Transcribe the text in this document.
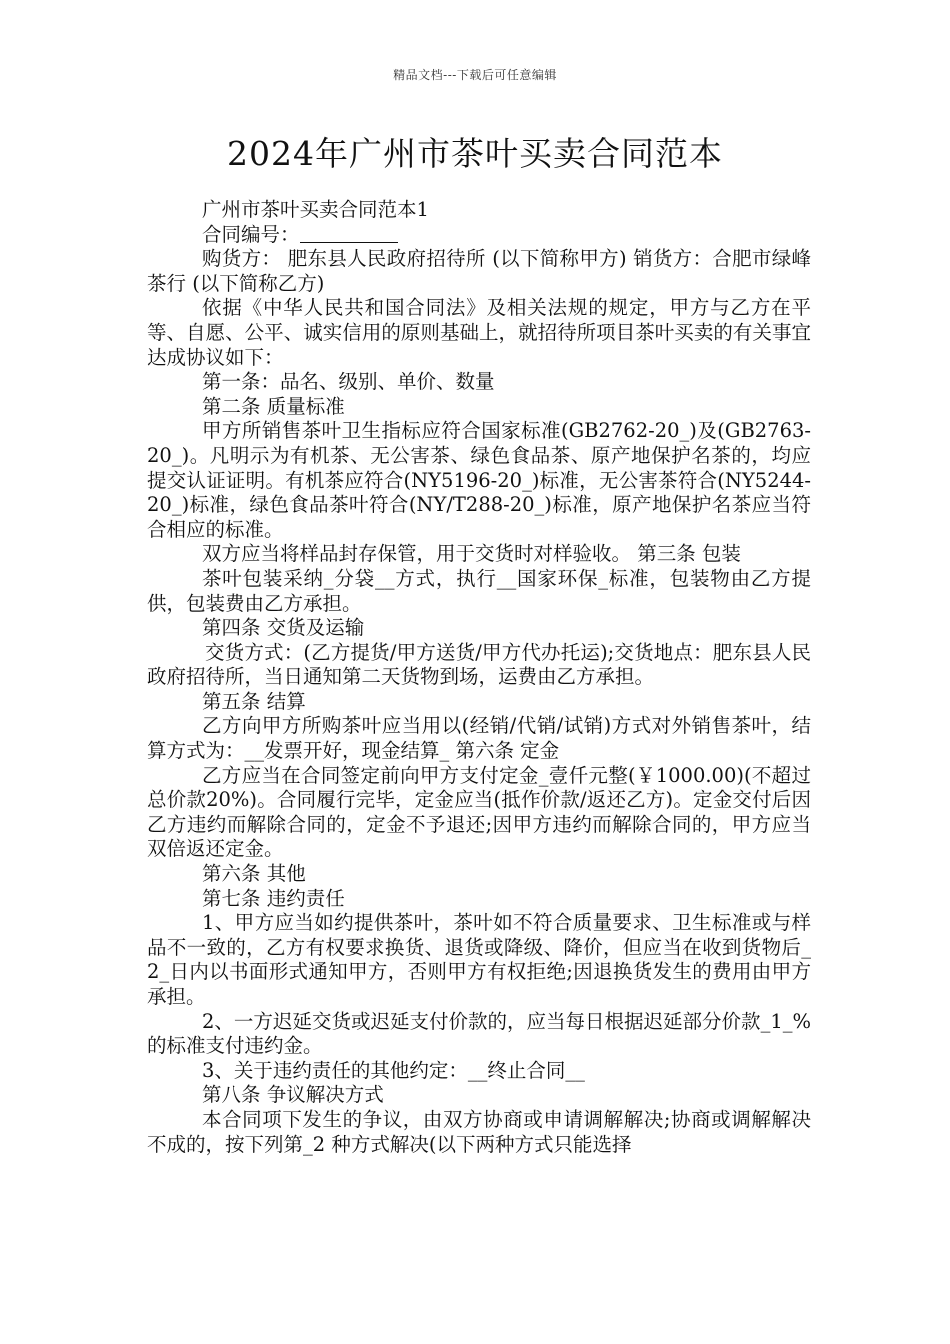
精品文档---下载后可任意编辑
2024年广州市茶叶买卖合同范本

广州市茶叶买卖合同范本1

合同编号：

购货方： 肥东县人民政府招待所 (以下简称甲方) 销货方：合肥市绿峰茶行 (以下简称乙方)

依据《中华人民共和国合同法》及相关法规的规定，甲方与乙方在平等、自愿、公平、诚实信用的原则基础上，就招待所项目茶叶买卖的有关事宜达成协议如下：

第一条：品名、级别、单价、数量

第二条 质量标准

甲方所销售茶叶卫生指标应符合国家标准(GB2762-20_)及(GB2763-20_)。凡明示为有机茶、无公害茶、绿色食品茶、原产地保护名茶的，均应提交认证证明。有机茶应符合(NY5196-20_)标准，无公害茶符合(NY5244-20_)标准，绿色食品茶叶符合(NY/T288-20_)标准，原产地保护名茶应当符合相应的标准。

双方应当将样品封存保管，用于交货时对样验收。 第三条 包装

茶叶包装采纳_分袋__方式，执行__国家环保_标准，包装物由乙方提供，包装费由乙方承担。

第四条 交货及运输

交货方式：(乙方提货/甲方送货/甲方代办托运);交货地点：肥东县人民政府招待所，当日通知第二天货物到场，运费由乙方承担。

第五条 结算

乙方向甲方所购茶叶应当用以(经销/代销/试销)方式对外销售茶叶，结算方式为：__发票开好，现金结算_ 第六条 定金

乙方应当在合同签定前向甲方支付定金_壹仟元整(￥1000.00)(不超过总价款20%)。合同履行完毕，定金应当(抵作价款/返还乙方)。定金交付后因乙方违约而解除合同的，定金不予退还;因甲方违约而解除合同的，甲方应当双倍返还定金。

第六条 其他

第七条 违约责任

1、甲方应当如约提供茶叶，茶叶如不符合质量要求、卫生标准或与样品不一致的，乙方有权要求换货、退货或降级、降价，但应当在收到货物后_2_日内以书面形式通知甲方，否则甲方有权拒绝;因退换货发生的费用由甲方承担。

2、一方迟延交货或迟延支付价款的，应当每日根据迟延部分价款_1_%的标准支付违约金。

3、关于违约责任的其他约定：__终止合同__

第八条 争议解决方式

本合同项下发生的争议，由双方协商或申请调解解决;协商或调解解决不成的，按下列第_2 种方式解决(以下两种方式只能选择
